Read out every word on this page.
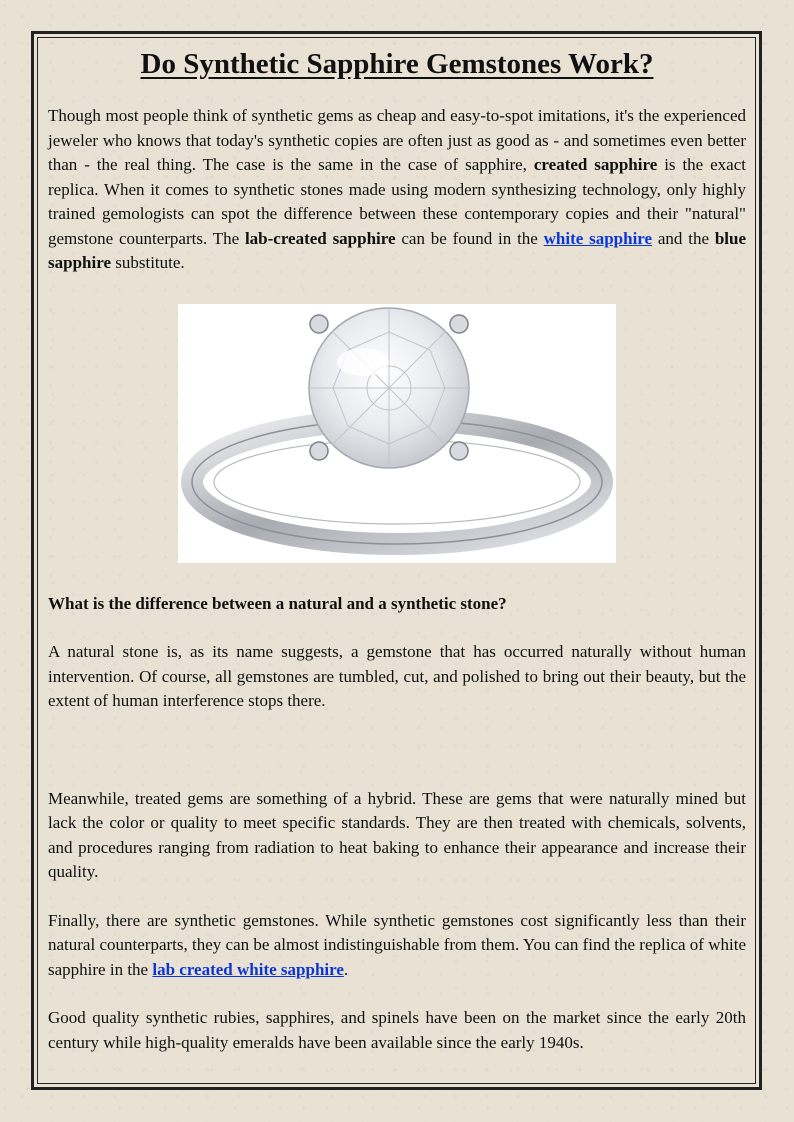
Do Synthetic Sapphire Gemstones Work?

Though most people think of synthetic gems as cheap and easy-to-spot imitations, it's the experienced jeweler who knows that today's synthetic copies are often just as good as - and sometimes even better than - the real thing. The case is the same in the case of sapphire, created sapphire is the exact replica. When it comes to synthetic stones made using modern synthesizing technology, only highly trained gemologists can spot the difference between these contemporary copies and their "natural" gemstone counterparts. The lab-created sapphire can be found in the white sapphire and the blue sapphire substitute.

What is the difference between a natural and a synthetic stone?

A natural stone is, as its name suggests, a gemstone that has occurred naturally without human intervention. Of course, all gemstones are tumbled, cut, and polished to bring out their beauty, but the extent of human interference stops there.

Meanwhile, treated gems are something of a hybrid. These are gems that were naturally mined but lack the color or quality to meet specific standards. They are then treated with chemicals, solvents, and procedures ranging from radiation to heat baking to enhance their appearance and increase their quality.

Finally, there are synthetic gemstones. While synthetic gemstones cost significantly less than their natural counterparts, they can be almost indistinguishable from them. You can find the replica of white sapphire in the lab created white sapphire.

Good quality synthetic rubies, sapphires, and spinels have been on the market since the early 20th century while high-quality emeralds have been available since the early 1940s.
